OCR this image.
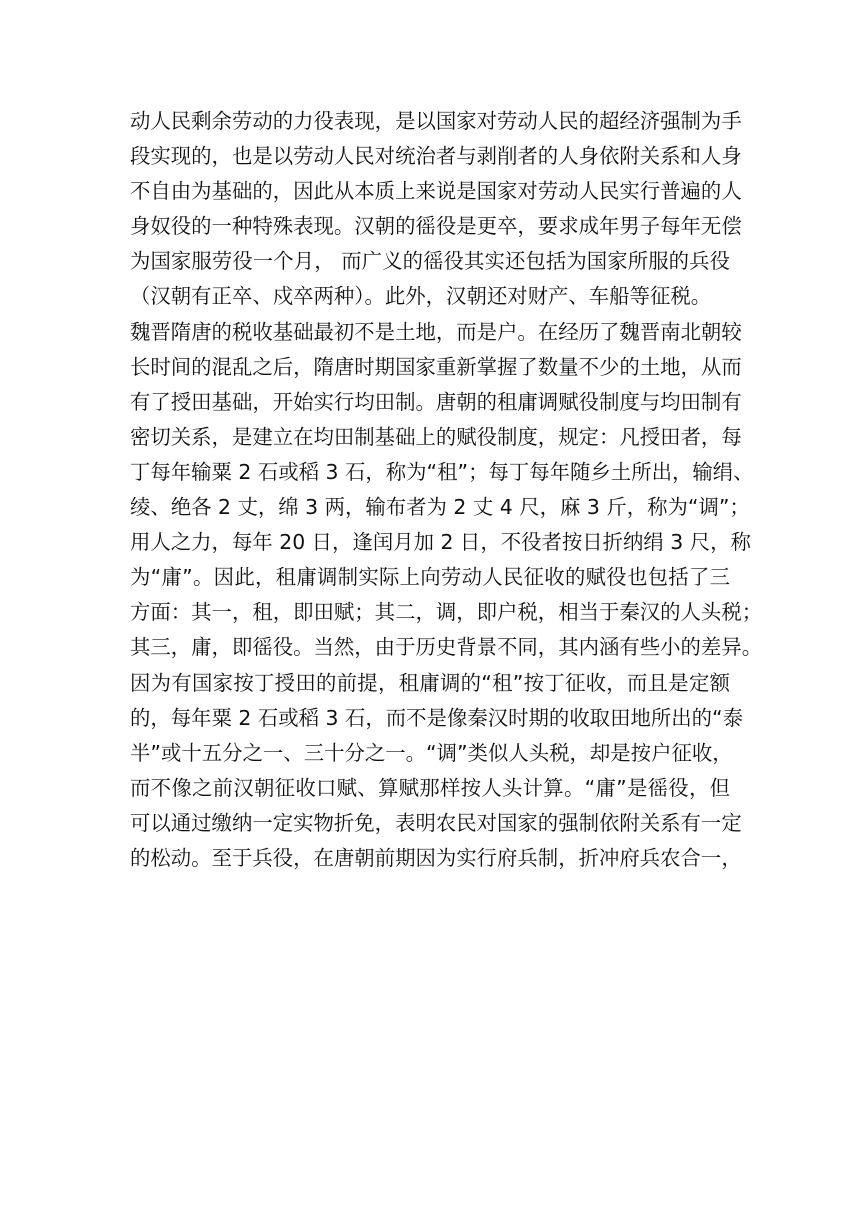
动人民剩余劳动的力役表现，是以国家对劳动人民的超经济强制为手
段实现的，也是以劳动人民对统治者与剥削者的人身依附关系和人身
不自由为基础的，因此从本质上来说是国家对劳动人民实行普遍的人
身奴役的一种特殊表现。汉朝的徭役是更卒，要求成年男子每年无偿
为国家服劳役一个月， 而广义的徭役其实还包括为国家所服的兵役
（汉朝有正卒、戍卒两种）。此外，汉朝还对财产、车船等征税。
魏晋隋唐的税收基础最初不是土地，而是户。在经历了魏晋南北朝较
长时间的混乱之后，隋唐时期国家重新掌握了数量不少的土地，从而
有了授田基础，开始实行均田制。唐朝的租庸调赋役制度与均田制有
密切关系，是建立在均田制基础上的赋役制度，规定：凡授田者，每
丁每年输粟 2 石或稻 3 石，称为“租”；每丁每年随乡土所出，输绢、
绫、绝各 2 丈，绵 3 两，输布者为 2 丈 4 尺，麻 3 斤，称为“调”；
用人之力，每年 20 日，逢闰月加 2 日，不役者按日折纳绢 3 尺，称
为“庸”。因此，租庸调制实际上向劳动人民征收的赋役也包括了三
方面：其一，租，即田赋；其二，调，即户税，相当于秦汉的人头税；
其三，庸，即徭役。当然，由于历史背景不同，其内涵有些小的差异。
因为有国家按丁授田的前提，租庸调的“租”按丁征收，而且是定额
的，每年粟 2 石或稻 3 石，而不是像秦汉时期的收取田地所出的“泰
半”或十五分之一、三十分之一。“调”类似人头税，却是按户征收，
而不像之前汉朝征收口赋、算赋那样按人头计算。“庸”是徭役，但
可以通过缴纳一定实物折免，表明农民对国家的强制依附关系有一定
的松动。至于兵役，在唐朝前期因为实行府兵制，折冲府兵农合一，
